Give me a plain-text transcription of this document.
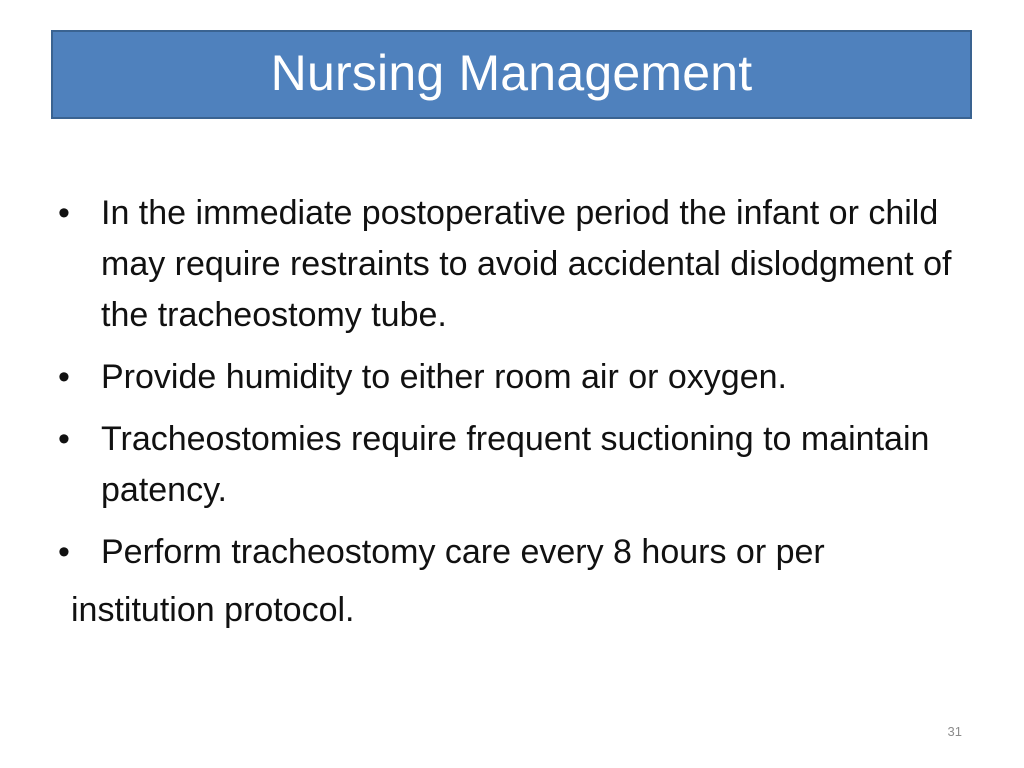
Nursing Management
• In the immediate postoperative period the infant or child may require restraints to avoid accidental dislodgment of the tracheostomy tube.
• Provide humidity to either room air or oxygen.
• Tracheostomies require frequent suctioning to maintain patency.
• Perform tracheostomy care every 8 hours or per
institution protocol.
31
